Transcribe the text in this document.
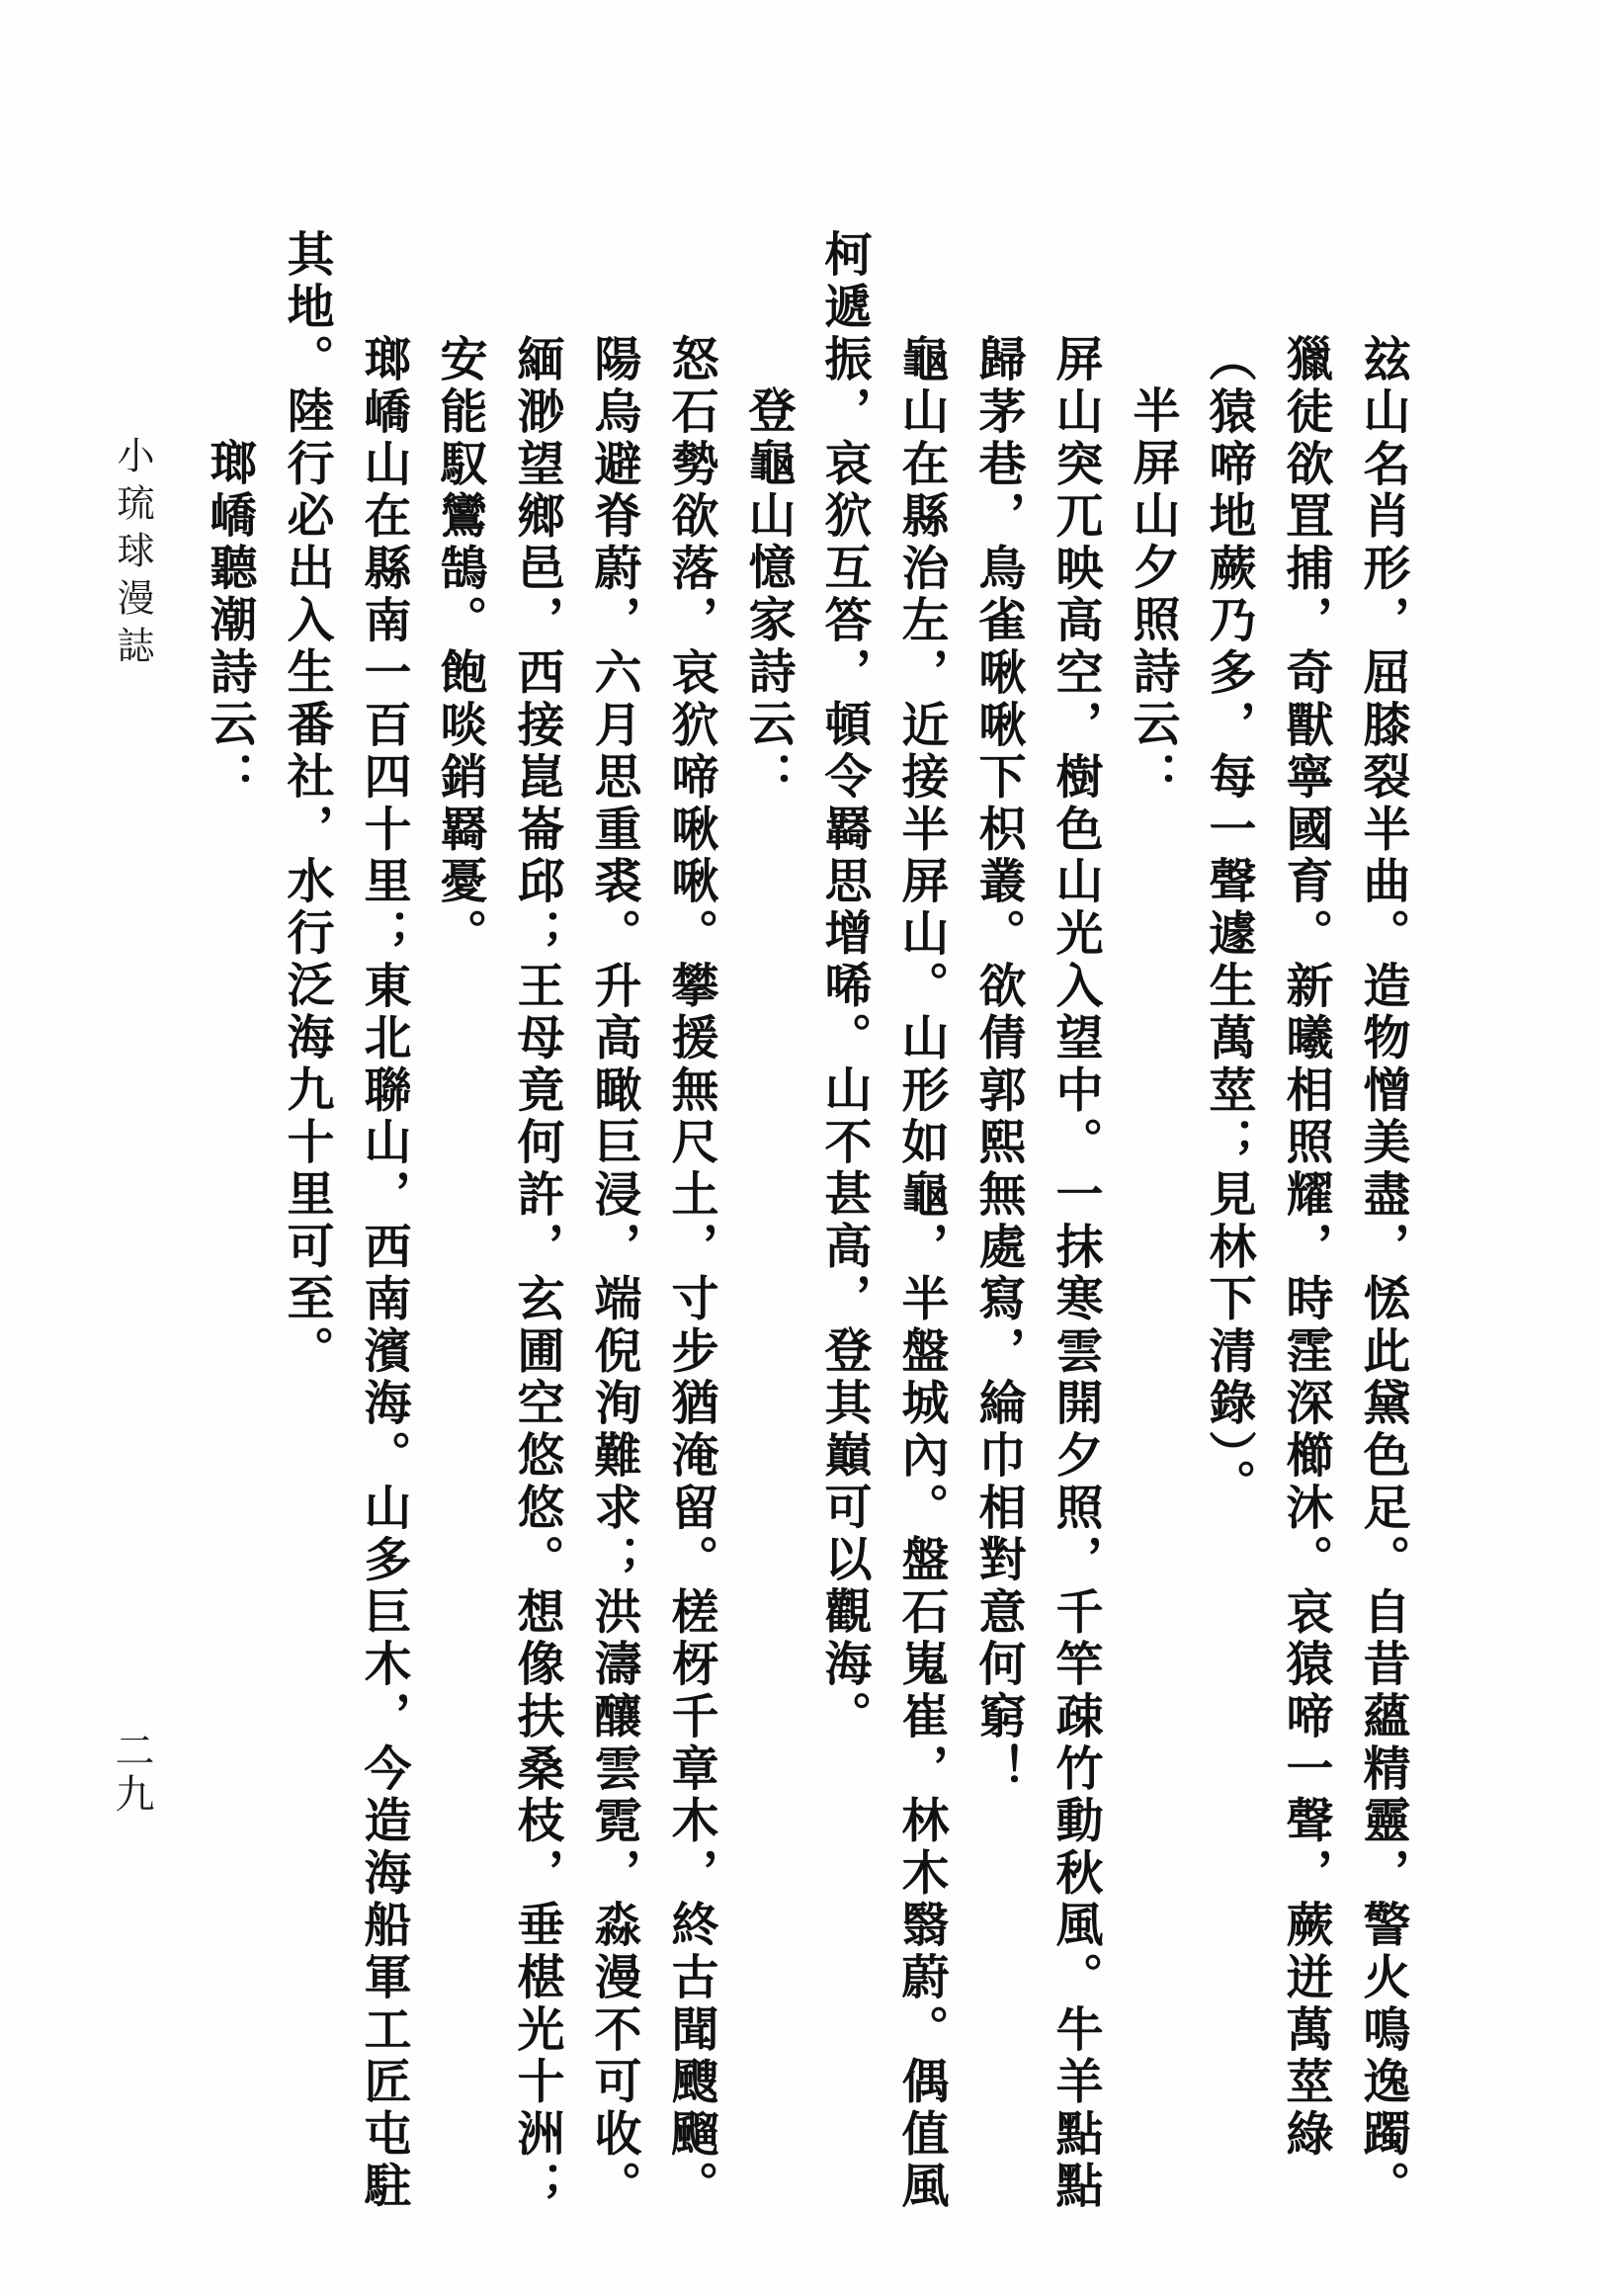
玆山名肖形，屈膝裂半曲。造物憎美盡，恡此黛色足。自昔蘊精靈，警火鳴逸躅。
獵徒欲罝捕，奇獸寧國育。新曦相照耀，時霔深櫛沐。哀猿啼一聲，蕨迸萬莖綠
（猿啼地蕨乃多，每一聲遽生萬莖；見林下清錄）。
半屏山夕照詩云：
屏山突兀映高空，樹色山光入望中。一抹寒雲開夕照，千竿疎竹動秋風。牛羊點點
歸茅巷，鳥雀啾啾下枳叢。欲倩郭熙無處寫，綸巾相對意何窮！
龜山在縣治左，近接半屏山。山形如龜，半盤城內。盤石嵬崔，林木翳蔚。偶值風
柯遞振，哀狖互答，頓令羇思增唏。山不甚高，登其巔可以觀海。
登龜山憶家詩云：
怒石勢欲落，哀狖啼啾啾。攀援無尺土，寸步猶淹留。槎枒千章木，終古聞颼飀。
陽烏避脊蔚，六月思重裘。升高瞰巨浸，端倪洵難求；洪濤釀雲霓，淼漫不可收。
緬渺望鄉邑，西接崑崙邱；王母竟何許，玄圃空悠悠。想像扶桑枝，垂椹光十洲；
安能馭鸞鵠。飽啖銷羇憂。
瑯嶠山在縣南一百四十里；東北聯山，西南濱海。山多巨木，今造海船軍工匠屯駐
其地。陸行必出入生番社，水行泛海九十里可至。
瑯嶠聽潮詩云：
小琉球漫誌
二九
